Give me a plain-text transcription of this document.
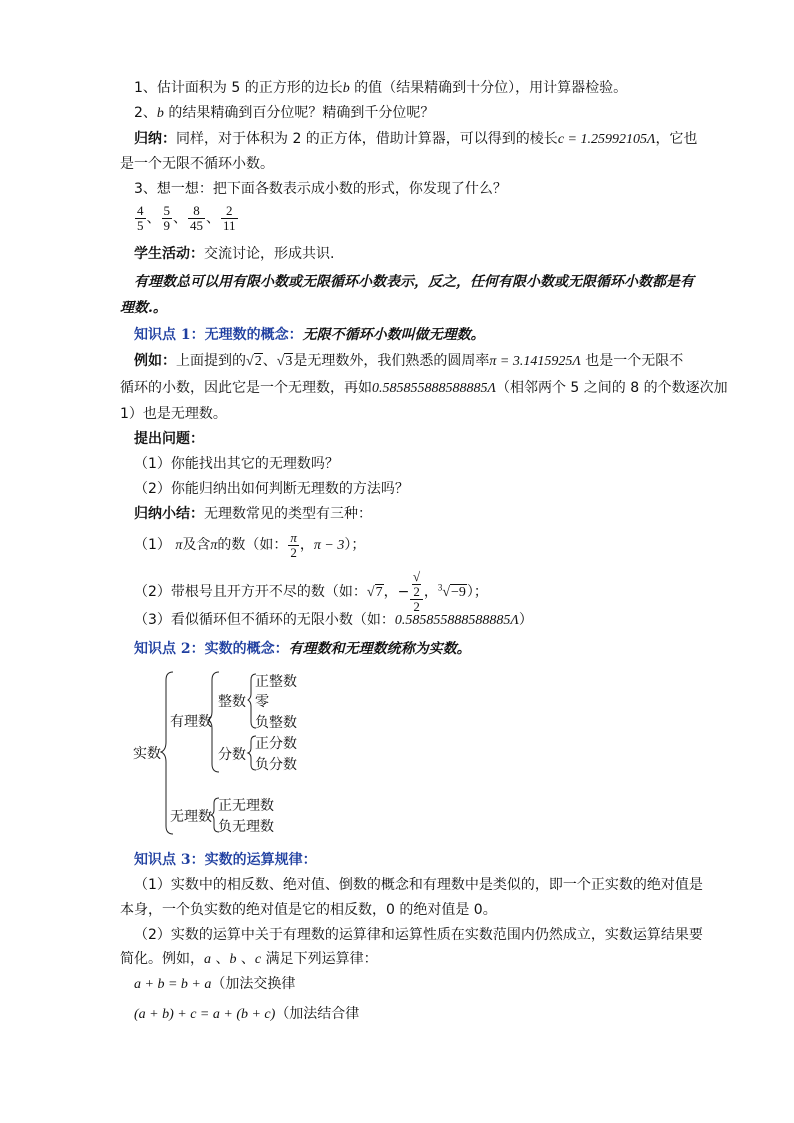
1、估计面积为 5 的正方形的边长b 的值（结果精确到十分位），用计算器检验。
2、b 的结果精确到百分位呢？精确到千分位呢？
归纳：同样，对于体积为 2 的正方体，借助计算器，可以得到的棱长c = 1.25992105Λ，它也
是一个无限不循环小数。
3、想一想：把下面各数表示成小数的形式，你发现了什么？
$\frac{4}{5}$ 、 $\frac{5}{9}$ 、 $\frac{8}{45}$ 、 $\frac{2}{11}$
学生活动：交流讨论，形成共识.
有理数总可以用有限小数或无限循环小数表示，反之，任何有限小数或无限循环小数都是有
理数.。
知识点 1：无理数的概念：无限不循环小数叫做无理数。
例如：上面提到的√2、√3是无理数外，我们熟悉的圆周率π = 3.1415925Λ 也是一个无限不
循环的小数，因此它是一个无理数，再如0.585855888588885Λ（相邻两个 5 之间的 8 的个数逐次加
1）也是无理数。
提出问题：
（1）你能找出其它的无理数吗？
（2）你能归纳出如何判断无理数的方法吗？
归纳小结：无理数常见的类型有三种：
（1） π及含π的数（如： $\frac{\pi}{2}$ ，π − 3）；
（2）带根号且开方开不尽的数（如：√7，− √
2
2 ，$^3$√−9）；
（3）看似循环但不循环的无限小数（如：0.585855888588885Λ）
知识点 2：实数的概念：有理数和无理数统称为实数。
实数
有理数
整数
正整数
零
负整数
分数
正分数
负分数
无理数
正无理数
负无理数
知识点 3：实数的运算规律：
（1）实数中的相反数、绝对值、倒数的概念和有理数中是类似的，即一个正实数的绝对值是
本身，一个负实数的绝对值是它的相反数，0 的绝对值是 0。
（2）实数的运算中关于有理数的运算律和运算性质在实数范围内仍然成立，实数运算结果要
简化。例如，a 、b 、c 满足下列运算律：
a + b = b + a（加法交换律
(a + b) + c = a + (b + c)（加法结合律
